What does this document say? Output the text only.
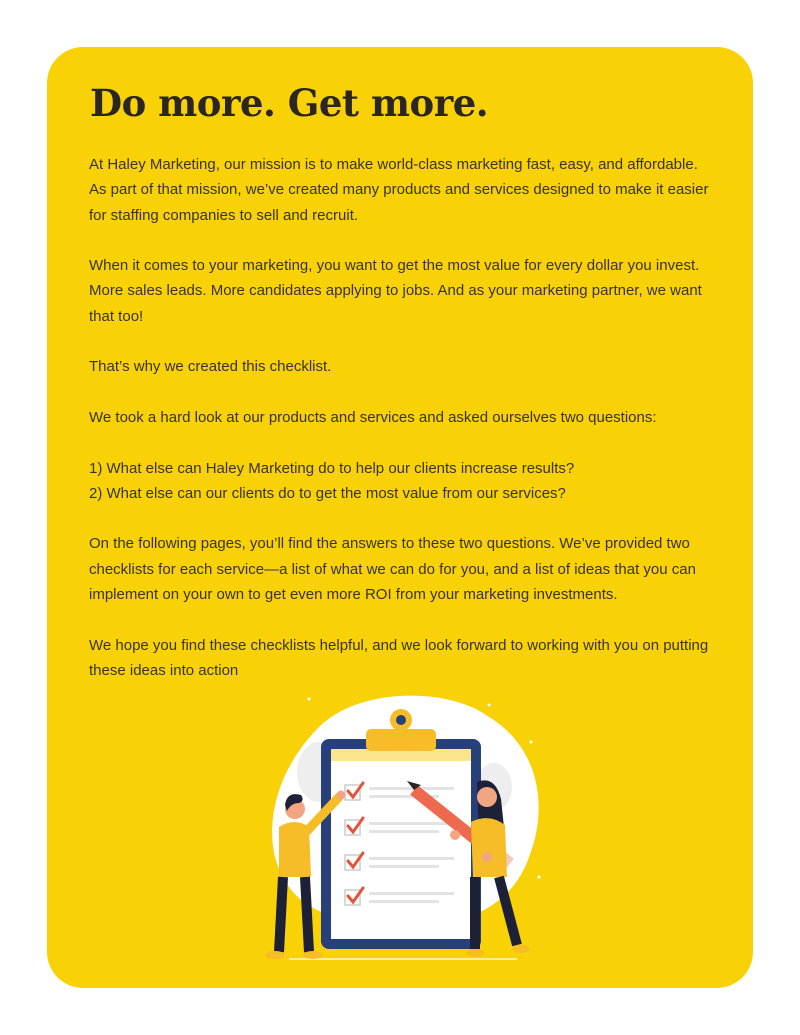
Do more. Get more.

At Haley Marketing, our mission is to make world-class marketing fast, easy, and affordable. As part of that mission, we’ve created many products and services designed to make it easier for staffing companies to sell and recruit.

When it comes to your marketing, you want to get the most value for every dollar you invest. More sales leads. More candidates applying to jobs. And as your marketing partner, we want that too!

That’s why we created this checklist.

We took a hard look at our products and services and asked ourselves two questions:

1) What else can Haley Marketing do to help our clients increase results?

2) What else can our clients do to get the most value from our services?

On the following pages, you’ll find the answers to these two questions. We’ve provided two checklists for each service—a list of what we can do for you, and a list of ideas that you can implement on your own to get even more ROI from your marketing investments.

We hope you find these checklists helpful, and we look forward to working with you on putting these ideas into action
